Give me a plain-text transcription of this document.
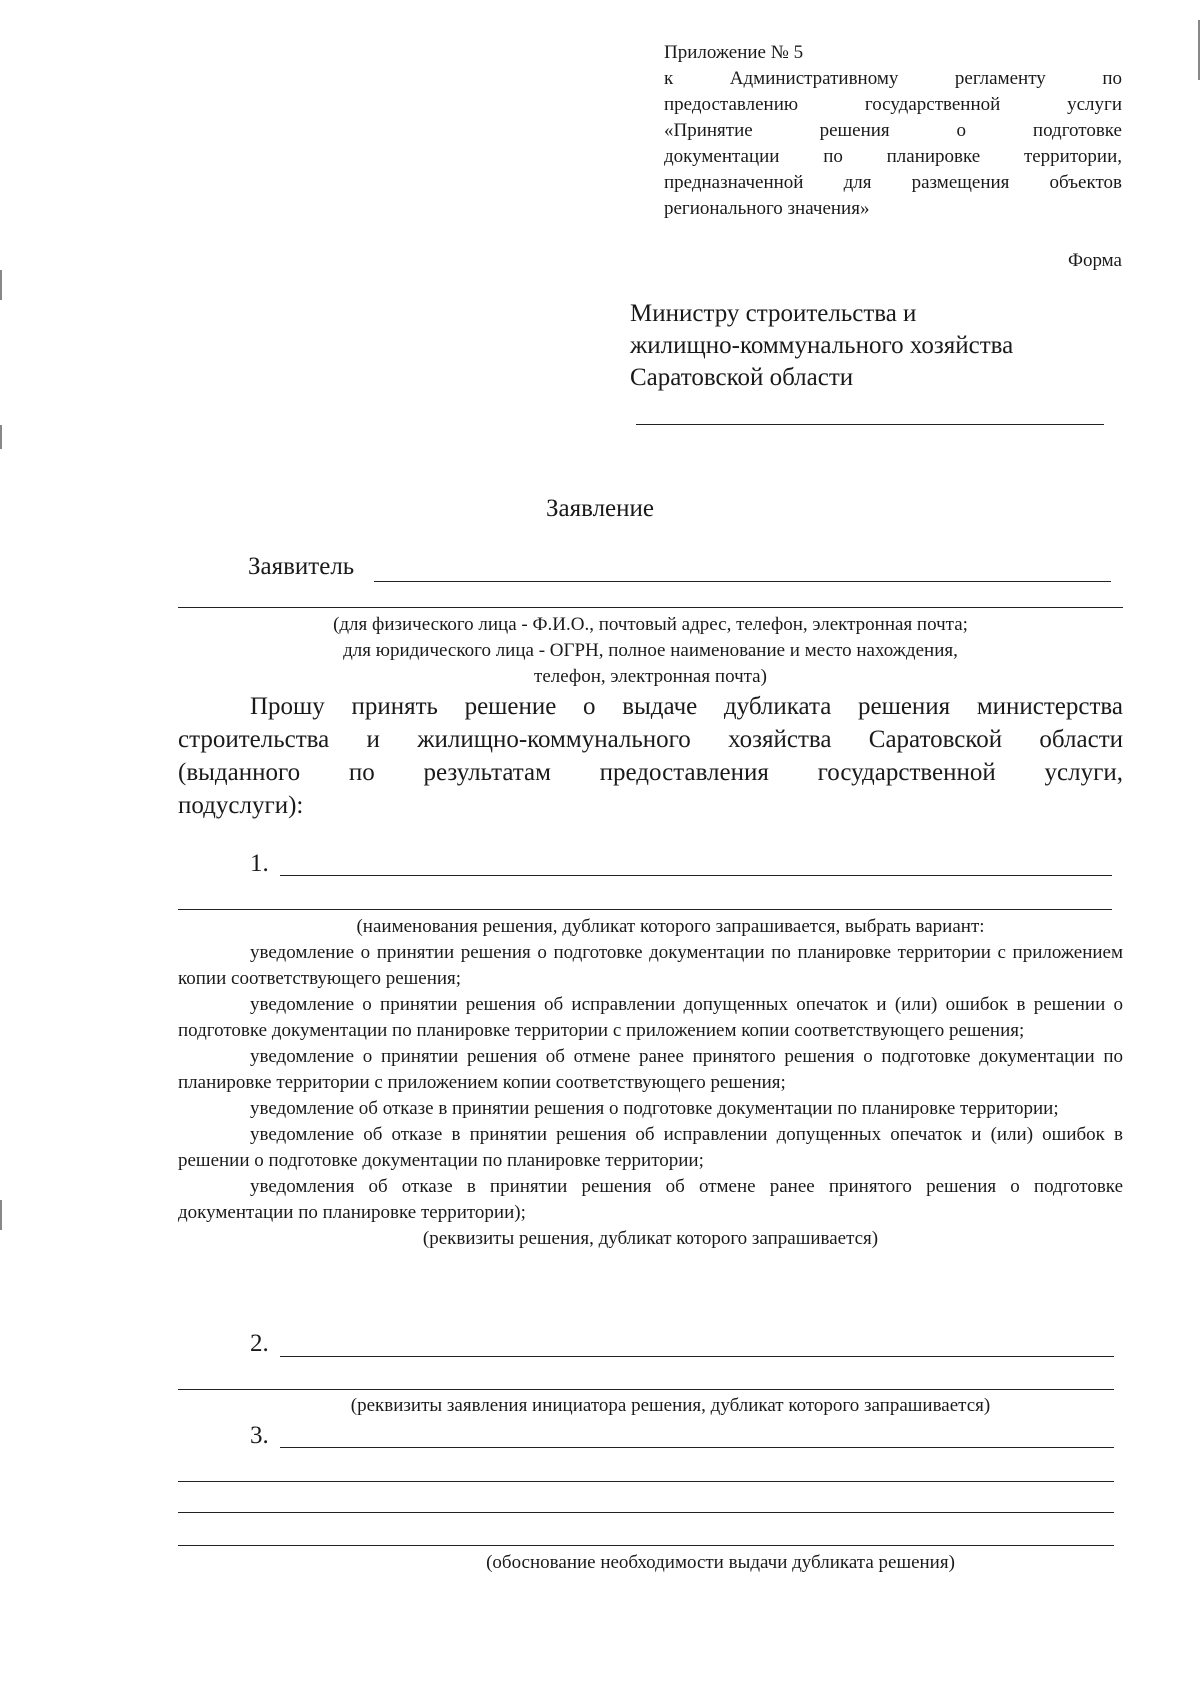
Приложение № 5
к Административному регламенту по
предоставлению государственной услуги
«Принятие решения о подготовке
документации по планировке территории,
предназначенной для размещения объектов
регионального значения»
Форма
Министру строительства и
жилищно-коммунального хозяйства
Саратовской области
Заявление
Заявитель
(для физического лица - Ф.И.О., почтовый адрес, телефон, электронная почта;
для юридического лица - ОГРН, полное наименование и место нахождения,
телефон, электронная почта)
Прошу принять решение о выдаче дубликата решения министерства
строительства и жилищно-коммунального хозяйства Саратовской области
(выданного по результатам предоставления государственной услуги,
подуслуги):
1.
(наименования решения, дубликат которого запрашивается, выбрать вариант:
уведомление о принятии решения о подготовке документации по планировке территории с приложением копии соответствующего решения;
уведомление о принятии решения об исправлении допущенных опечаток и (или) ошибок в решении о подготовке документации по планировке территории с приложением копии соответствующего решения;
уведомление о принятии решения об отмене ранее принятого решения о подготовке документации по планировке территории с приложением копии соответствующего решения;
уведомление об отказе в принятии решения о подготовке документации по планировке территории;
уведомление об отказе в принятии решения об исправлении допущенных опечаток и (или) ошибок в решении о подготовке документации по планировке территории;
уведомления об отказе в принятии решения об отмене ранее принятого решения о подготовке документации по планировке территории);
(реквизиты решения, дубликат которого запрашивается)
2.
(реквизиты заявления инициатора решения, дубликат которого запрашивается)
3.
(обоснование необходимости выдачи дубликата решения)
